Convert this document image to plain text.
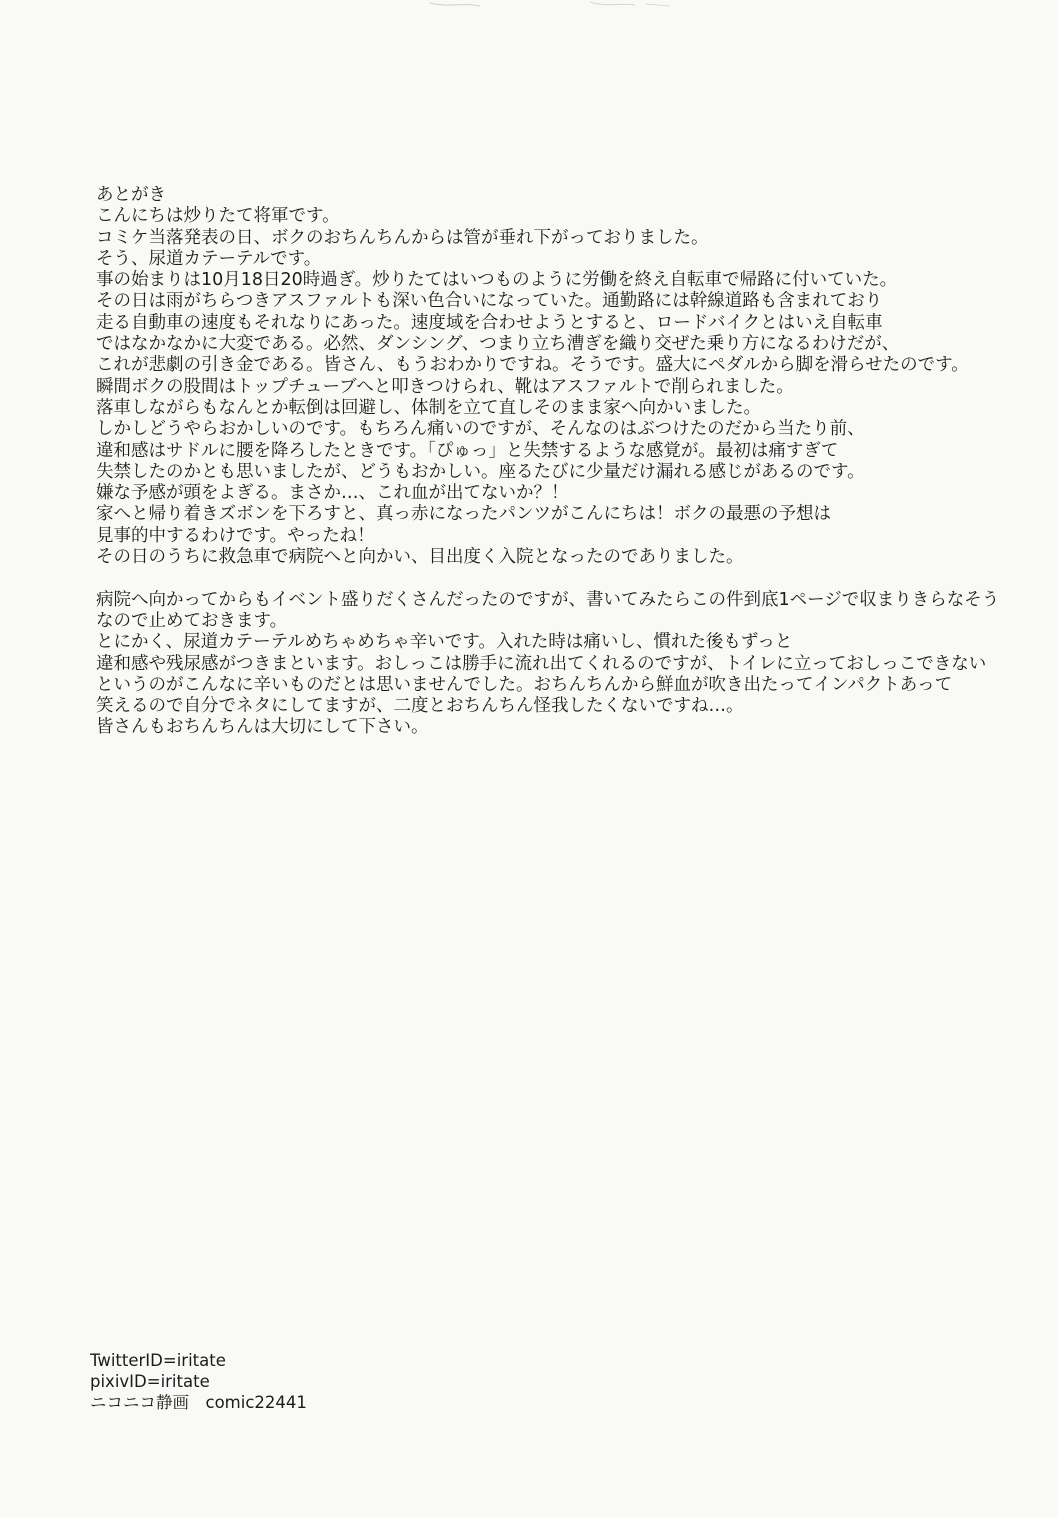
あとがき
こんにちは炒りたて将軍です。
コミケ当落発表の日、ボクのおちんちんからは管が垂れ下がっておりました。
そう、尿道カテーテルです。
事の始まりは10月18日20時過ぎ。炒りたてはいつものように労働を終え自転車で帰路に付いていた。
その日は雨がちらつきアスファルトも深い色合いになっていた。通勤路には幹線道路も含まれており
走る自動車の速度もそれなりにあった。速度域を合わせようとすると、ロードバイクとはいえ自転車
ではなかなかに大変である。必然、ダンシング、つまり立ち漕ぎを織り交ぜた乗り方になるわけだが、
これが悲劇の引き金である。皆さん、もうおわかりですね。そうです。盛大にペダルから脚を滑らせたのです。
瞬間ボクの股間はトップチューブへと叩きつけられ、靴はアスファルトで削られました。
落車しながらもなんとか転倒は回避し、体制を立て直しそのまま家へ向かいました。
しかしどうやらおかしいのです。もちろん痛いのですが、そんなのはぶつけたのだから当たり前、
違和感はサドルに腰を降ろしたときです。「ぴゅっ」と失禁するような感覚が。最初は痛すぎて
失禁したのかとも思いましたが、どうもおかしい。座るたびに少量だけ漏れる感じがあるのです。
嫌な予感が頭をよぎる。まさか…、これ血が出てないか？！
家へと帰り着きズボンを下ろすと、真っ赤になったパンツがこんにちは！ボクの最悪の予想は
見事的中するわけです。やったね！
その日のうちに救急車で病院へと向かい、目出度く入院となったのでありました。
病院へ向かってからもイベント盛りだくさんだったのですが、書いてみたらこの件到底1ページで収まりきらなそう
なので止めておきます。
とにかく、尿道カテーテルめちゃめちゃ辛いです。入れた時は痛いし、慣れた後もずっと
違和感や残尿感がつきまといます。おしっこは勝手に流れ出てくれるのですが、トイレに立っておしっこできない
というのがこんなに辛いものだとは思いませんでした。おちんちんから鮮血が吹き出たってインパクトあって
笑えるので自分でネタにしてますが、二度とおちんちん怪我したくないですね…。
皆さんもおちんちんは大切にして下さい。
TwitterID=iritate
pixivID=iritate
ニコニコ静画　comic22441
